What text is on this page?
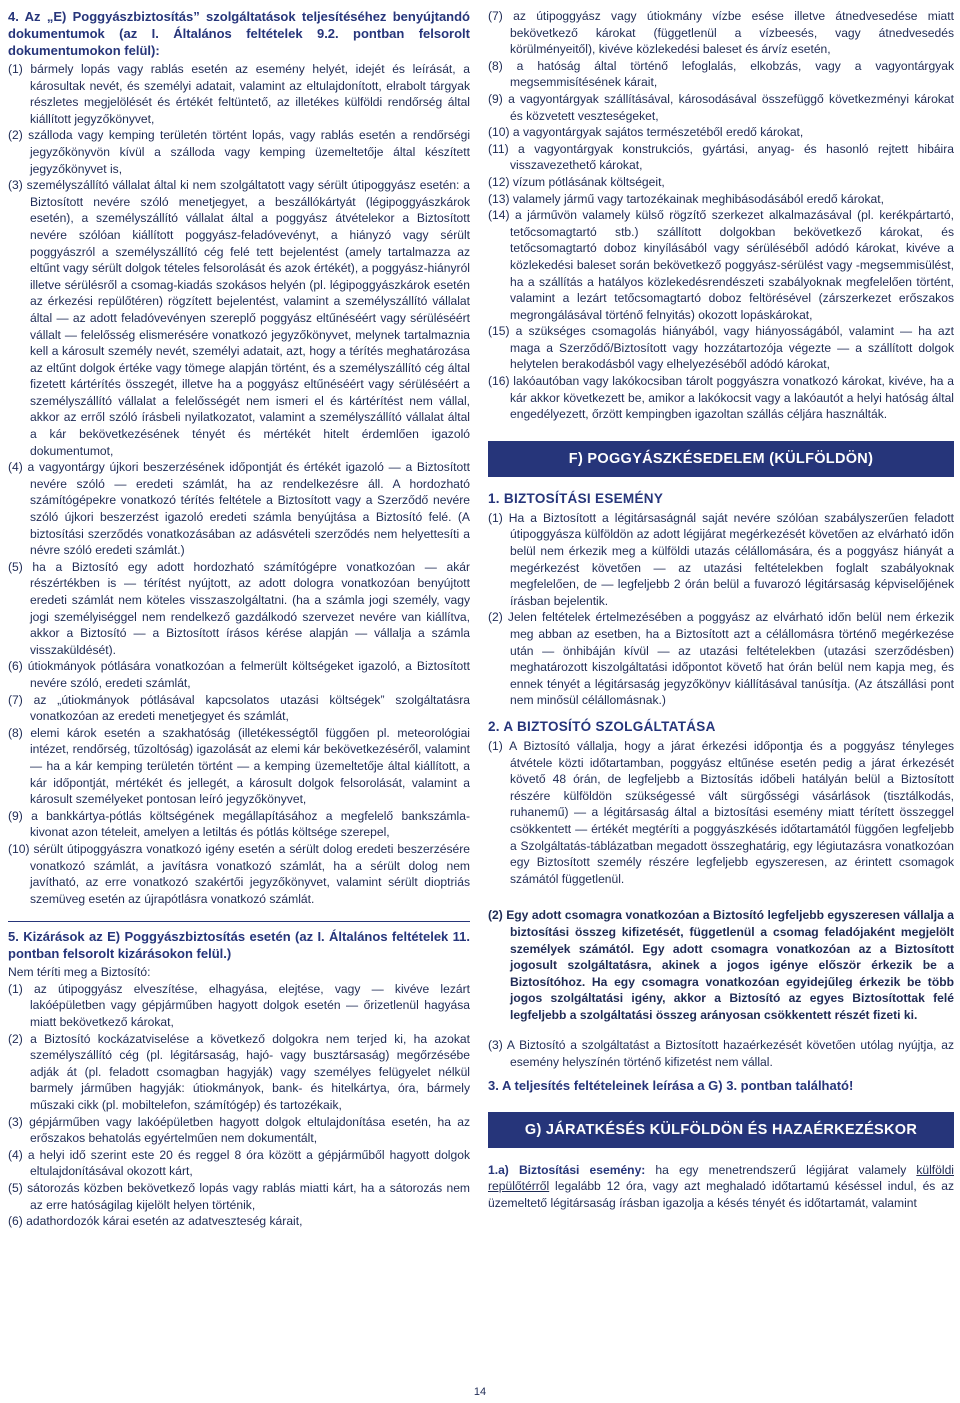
4. Az „E) Poggyászbiztosítás” szolgáltatások teljesítéséhez benyújtandó dokumentumok (az I. Általános feltételek 9.2. pontban felsorolt dokumentumokon felül):

(1) bármely lopás vagy rablás esetén az esemény helyét, idejét és leírását, a károsultak nevét, és személyi adatait, valamint az eltulajdonított, elrabolt tárgyak részletes megjelölését és értékét feltüntető, az illetékes külföldi rendőrség által kiállított jegyzőkönyvet,

(2) szálloda vagy kemping területén történt lopás, vagy rablás esetén a rendőrségi jegyzőkönyvön kívül a szálloda vagy kemping üzemeltetője által készített jegyzőkönyvet is,

(3) személyszállító vállalat által ki nem szolgáltatott vagy sérült útipoggyász esetén: a Biztosított nevére szóló menetjegyet, a beszállókártyát (légipoggyászkárok esetén), a személyszállító vállalat által a poggyász átvételekor a Biztosított nevére szólóan kiállított poggyász-feladóvevényt, a hiányzó vagy sérült poggyászról a személyszállító cég felé tett bejelentést (amely tartalmazza az eltűnt vagy sérült dolgok tételes felsorolását és azok értékét), a poggyász-hiányról illetve sérülésről a csomag-kiadás szokásos helyén (pl. légipoggyászkárok esetén az érkezési repülőtéren) rögzített bejelentést, valamint a személyszállító vállalat által — az adott feladóvevényen szereplő poggyász eltűnéséért vagy sérüléséért vállalt — felelősség elismerésére vonatkozó jegyzőkönyvet, melynek tartalmaznia kell a károsult személy nevét, személyi adatait, azt, hogy a térítés meghatározása az eltűnt dolgok értéke vagy tömege alapján történt, és a személyszállító cég által fizetett kártérítés összegét, illetve ha a poggyász eltűnéséért vagy sérüléséért a személyszállító vállalat a felelősségét nem ismeri el és kártérítést nem vállal, akkor az erről szóló írásbeli nyilatkozatot, valamint a személyszállító vállalat által a kár bekövetkezésének tényét és mértékét hitelt érdemlően igazoló dokumentumot,

(4) a vagyontárgy újkori beszerzésének időpontját és értékét igazoló — a Biztosított nevére szóló — eredeti számlát, ha az rendelkezésre áll. A hordozható számítógépekre vonatkozó térítés feltétele a Biztosított vagy a Szerződő nevére szóló újkori beszerzést igazoló eredeti számla benyújtása a Biztosító felé. (A biztosítási szerződés vonatkozásában az adásvételi szerződés nem helyettesíti a névre szóló eredeti számlát.)

(5) ha a Biztosító egy adott hordozható számítógépre vonatkozóan — akár részértékben is — térítést nyújtott, az adott dologra vonatkozóan benyújtott eredeti számlát nem köteles visszaszolgáltatni. (ha a számla jogi személy, vagy jogi személyiséggel nem rendelkező gazdálkodó szervezet nevére van kiállítva, akkor a Biztosító — a Biztosított írásos kérése alapján — vállalja a számla visszaküldését).

(6) útiokmányok pótlására vonatkozóan a felmerült költségeket igazoló, a Biztosított nevére szóló, eredeti számlát,

(7) az „útiokmányok pótlásával kapcsolatos utazási költségek” szolgáltatásra vonatkozóan az eredeti menetjegyet és számlát,

(8) elemi károk esetén a szakhatóság (illetékességtől függően pl. meteorológiai intézet, rendőrség, tűzoltóság) igazolását az elemi kár bekövetkezéséről, valamint — ha a kár kemping területén történt — a kemping üzemeltetője által kiállított, a kár időpontját, mértékét és jellegét, a károsult dolgok felsorolását, valamint a károsult személyeket pontosan leíró jegyzőkönyvet,

(9) a bankkártya-pótlás költségének megállapításához a megfelelő bankszámla-kivonat azon tételeit, amelyen a letiltás és pótlás költsége szerepel,

(10) sérült útipoggyászra vonatkozó igény esetén a sérült dolog eredeti beszerzésére vonatkozó számlát, a javításra vonatkozó számlát, ha a sérült dolog nem javítható, az erre vonatkozó szakértői jegyzőkönyvet, valamint sérült dioptriás szemüveg esetén az újrapótlásra vonatkozó számlát.

5. Kizárások az E) Poggyászbiztosítás esetén (az I. Általános feltételek 11. pontban felsorolt kizárásokon felül.)

Nem téríti meg a Biztosító:

(1) az útipoggyász elveszítése, elhagyása, elejtése, vagy — kivéve lezárt lakóépületben vagy gépjárműben hagyott dolgok esetén — őrizetlenül hagyása miatt bekövetkező károkat,

(2) a Biztosító kockázatviselése a következő dolgokra nem terjed ki, ha azokat személyszállító cég (pl. légitársaság, hajó- vagy busztársaság) megőrzésébe adják át (pl. feladott csomagban hagyják) vagy személyes felügyelet nélkül barmely járműben hagyják: útiokmányok, bank- és hitelkártya, óra, bármely műszaki cikk (pl. mobiltelefon, számítógép) és tartozékaik,

(3) gépjárműben vagy lakóépületben hagyott dolgok eltulajdonítása esetén, ha az erőszakos behatolás egyértelműen nem dokumentált,

(4) a helyi idő szerint este 20 és reggel 8 óra között a gépjárműből hagyott dolgok eltulajdonításával okozott kárt,

(5) sátorozás közben bekövetkező lopás vagy rablás miatti kárt, ha a sátorozás nem az erre hatóságilag kijelölt helyen történik,

(6) adathordozók kárai esetén az adatveszteség kárait,

(7) az útipoggyász vagy útiokmány vízbe esése illetve átnedvesedése miatt bekövetkező károkat (függetlenül a vízbeesés, vagy átnedvesedés körülményeitől), kivéve közlekedési baleset és árvíz esetén,

(8) a hatóság által történő lefoglalás, elkobzás, vagy a vagyontárgyak megsemmisítésének kárait,

(9) a vagyontárgyak szállításával, károsodásával összefüggő következményi károkat és közvetett veszteségeket,

(10) a vagyontárgyak sajátos természetéből eredő károkat,

(11) a vagyontárgyak konstrukciós, gyártási, anyag- és hasonló rejtett hibáira visszavezethető károkat,

(12) vízum pótlásának költségeit,

(13) valamely jármű vagy tartozékainak meghibásodásából eredő károkat,

(14) a járművön valamely külső rögzítő szerkezet alkalmazásával (pl. kerékpártartó, tetőcsomagtartó stb.) szállított dolgokban bekövetkező károkat, és tetőcsomagtartó doboz kinyílásából vagy sérüléséből adódó károkat, kivéve a közlekedési baleset során bekövetkező poggyász-sérülést vagy -megsemmisülést, ha a szállítás a hatályos közlekedésrendészeti szabályoknak megfelelően történt, valamint a lezárt tetőcsomagtartó doboz feltörésével (zárszerkezet erőszakos megrongálásával történő felnyitás) okozott lopáskárokat,

(15) a szükséges csomagolás hiányából, vagy hiányosságából, valamint — ha azt maga a Szerződő/Biztosított vagy hozzátartozója végezte — a szállított dolgok helytelen berakodásból vagy elhelyezéséből adódó károkat,

(16) lakóautóban vagy lakókocsiban tárolt poggyászra vonatkozó károkat, kivéve, ha a kár akkor következett be, amikor a lakókocsit vagy a lakóautót a helyi hatóság által engedélyezett, őrzött kempingben igazoltan szállás céljára használták.

F) POGGYÁSZKÉSEDELEM (KÜLFÖLDÖN)
1. BIZTOSÍTÁSI ESEMÉNY

(1) Ha a Biztosított a légitársaságnál saját nevére szólóan szabályszerűen feladott útipoggyásza külföldön az adott légijárat megérkezését követően az elvárható időn belül nem érkezik meg a külföldi utazás célállomására, és a poggyász hiányát a megérkezést követően — az utazási feltételekben foglalt szabályoknak megfelelően, de — legfeljebb 2 órán belül a fuvarozó légitársaság képviselőjének írásban bejelentik.

(2) Jelen feltételek értelmezésében a poggyász az elvárható időn belül nem érkezik meg abban az esetben, ha a Biztosított azt a célállomásra történő megérkezése után — önhibáján kívül — az utazási feltételekben (utazási szerződésben) meghatározott kiszolgáltatási időpontot követő hat órán belül nem kapja meg, és ennek tényét a légitársaság jegyzőkönyv kiállításával tanúsítja. (Az átszállási pont nem minősül célállomásnak.)

2. A BIZTOSÍTÓ SZOLGÁLTATÁSA

(1) A Biztosító vállalja, hogy a járat érkezési időpontja és a poggyász tényleges átvétele közti időtartamban, poggyász eltűnése esetén pedig a járat érkezését követő 48 órán, de legfeljebb a Biztosítás időbeli hatályán belül a Biztosított részére külföldön szükségessé vált sürgősségi vásárlások (tisztálkodás, ruhanemű) — a légitársaság által a biztosítási esemény miatt térített összeggel csökkentett — értékét megtéríti a poggyászkésés időtartamától függően legfeljebb a Szolgáltatás-táblázatban megadott összeghatárig, egy légiutazásra vonatkozóan egy Biztosított személy részére legfeljebb egyszeresen, az érintett csomagok számától függetlenül.

(2) Egy adott csomagra vonatkozóan a Biztosító legfeljebb egyszeresen vállalja a biztosítási összeg kifizetését, függetlenül a csomag feladójaként megjelölt személyek számától. Egy adott csomagra vonatkozóan az a Biztosított jogosult szolgáltatásra, akinek a jogos igénye először érkezik be a Biztosítóhoz. Ha egy csomagra vonatkozóan egyidejűleg érkezik be több jogos szolgáltatási igény, akkor a Biztosító az egyes Biztosítottak felé legfeljebb a szolgáltatási összeg arányosan csökkentett részét fizeti ki.

(3) A Biztosító a szolgáltatást a Biztosított hazaérkezését követően utólag nyújtja, az esemény helyszínén történő kifizetést nem vállal.

3. A teljesítés feltételeinek leírása a G) 3. pontban található!

G) JÁRATKÉSÉS KÜLFÖLDÖN ÉS HAZAÉRKEZÉSKOR

1.a) Biztosítási esemény: ha egy menetrendszerű légijárat valamely külföldi repülőtérről legalább 12 óra, vagy azt meghaladó időtartamú késéssel indul, és az üzemeltető légitársaság írásban igazolja a késés tényét és időtartamát, valamint

14
